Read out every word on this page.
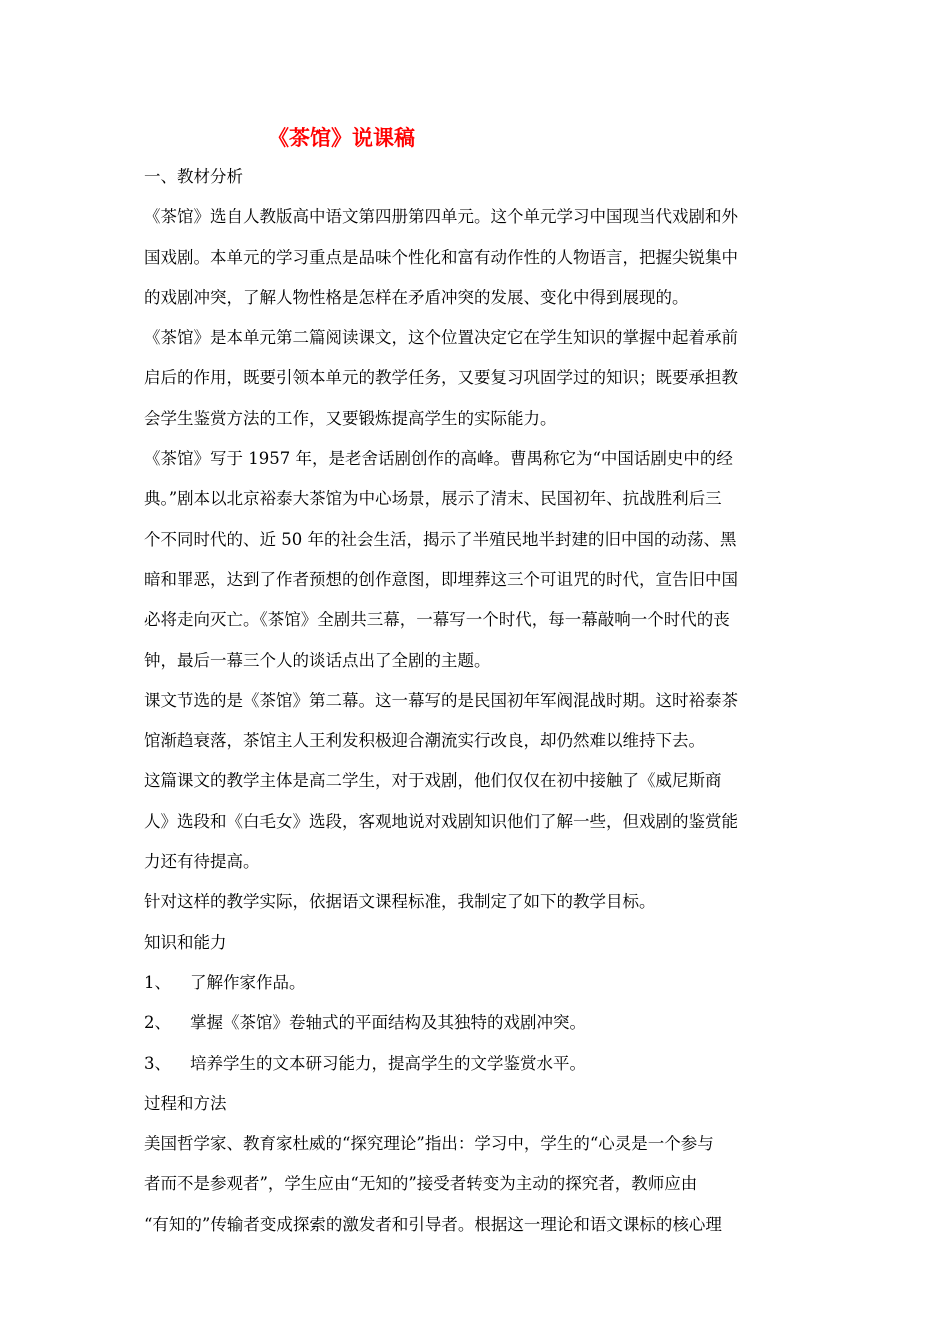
《茶馆》说课稿
一、教材分析
《茶馆》选自人教版高中语文第四册第四单元。这个单元学习中国现当代戏剧和外
国戏剧。本单元的学习重点是品味个性化和富有动作性的人物语言，把握尖锐集中
的戏剧冲突，了解人物性格是怎样在矛盾冲突的发展、变化中得到展现的。
《茶馆》是本单元第二篇阅读课文，这个位置决定它在学生知识的掌握中起着承前
启后的作用，既要引领本单元的教学任务，又要复习巩固学过的知识；既要承担教
会学生鉴赏方法的工作，又要锻炼提高学生的实际能力。
《茶馆》写于 1957 年，是老舍话剧创作的高峰。曹禺称它为“中国话剧史中的经
典。”剧本以北京裕泰大茶馆为中心场景，展示了清末、民国初年、抗战胜利后三
个不同时代的、近 50 年的社会生活，揭示了半殖民地半封建的旧中国的动荡、黑
暗和罪恶，达到了作者预想的创作意图，即埋葬这三个可诅咒的时代，宣告旧中国
必将走向灭亡。《茶馆》全剧共三幕，一幕写一个时代，每一幕敲响一个时代的丧
钟，最后一幕三个人的谈话点出了全剧的主题。
课文节选的是《茶馆》第二幕。这一幕写的是民国初年军阀混战时期。这时裕泰茶
馆渐趋衰落，茶馆主人王利发积极迎合潮流实行改良，却仍然难以维持下去。
这篇课文的教学主体是高二学生，对于戏剧，他们仅仅在初中接触了《威尼斯商
人》选段和《白毛女》选段，客观地说对戏剧知识他们了解一些，但戏剧的鉴赏能
力还有待提高。
针对这样的教学实际，依据语文课程标准，我制定了如下的教学目标。
知识和能力
1、 了解作家作品。
2、 掌握《茶馆》卷轴式的平面结构及其独特的戏剧冲突。
3、 培养学生的文本研习能力，提高学生的文学鉴赏水平。
过程和方法
美国哲学家、教育家杜威的“探究理论”指出：学习中，学生的“心灵是一个参与
者而不是参观者”，学生应由“无知的”接受者转变为主动的探究者，教师应由
“有知的”传输者变成探索的激发者和引导者。根据这一理论和语文课标的核心理
